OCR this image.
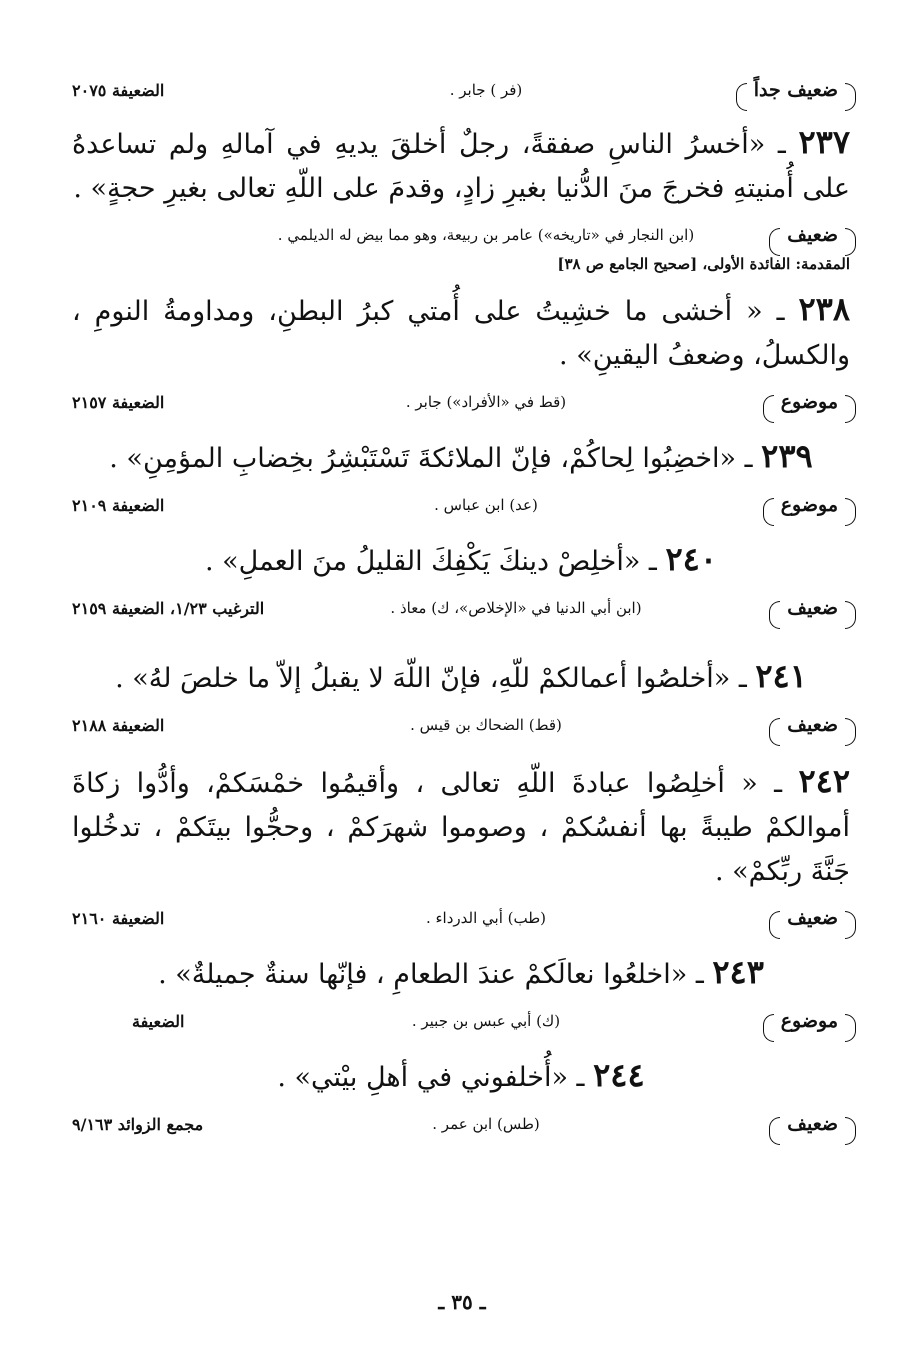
ضعيف جداً
(فر ) جابر .
الضعيفة ٢٠٧٥
٢٣٧ ـ «أخسرُ الناسِ صفقةً، رجلٌ أخلقَ يديهِ في آمالهِ ولم تساعدهُ على أُمنيتهِ فخرجَ منَ الدُّنيا بغيرِ زادٍ، وقدمَ على اللّهِ تعالى بغيرِ حجةٍ» .
ضعيف
(ابن النجار في «تاريخه») عامر بن ربيعة، وهو مما بيض له الديلمي .
المقدمة: الفائدة الأولى، [صحيح الجامع ص ٣٨]
٢٣٨ ـ « أخشى ما خشِيتُ على أُمتي كبرُ البطنِ، ومداومةُ النومِ ، والكسلُ، وضعفُ اليقينِ» .
موضوع
(قط في «الأفراد») جابر .
الضعيفة ٢١٥٧
٢٣٩ ـ «اخضِبُوا لِحاكُمْ، فإنّ الملائكةَ تَسْتَبْشِرُ بخِضابِ المؤمِنِ» .
موضوع
(عد) ابن عباس .
الضعيفة ٢١٠٩
٢٤٠ ـ «أخلِصْ دينكَ يَكْفِكَ القليلُ منَ العملِ» .
ضعيف
(ابن أبي الدنيا في «الإخلاص»، ك) معاذ .
الترغيب ١/٢٣، الضعيفة ٢١٥٩
٢٤١ ـ «أخلصُوا أعمالكمْ للّهِ، فإنّ اللّهَ لا يقبلُ إلاّ ما خلصَ لهُ» .
ضعيف
(قط) الضحاك بن قيس .
الضعيفة ٢١٨٨
٢٤٢ ـ « أخلِصُوا عبادةَ اللّهِ تعالى ، وأقيمُوا خمْسَكمْ، وأدُّوا زكاةَ أموالكمْ طيبةً بها أنفسُكمْ ، وصوموا شهرَكمْ ، وحجُّوا بيتَكمْ ، تدخُلوا جَنَّةَ ربِّكمْ» .
ضعيف
(طب) أبي الدرداء .
الضعيفة ٢١٦٠
٢٤٣ ـ «اخلعُوا نعالَكمْ عندَ الطعامِ ، فإنّها سنةٌ جميلةٌ» .
موضوع
(ك) أبي عبس بن جبير .
الضعيفة
٢٤٤ ـ «أُخلفوني في أهلِ بيْتي» .
ضعيف
(طس) ابن عمر .
مجمع الزوائد ٩/١٦٣
ـ ٣٥ ـ
